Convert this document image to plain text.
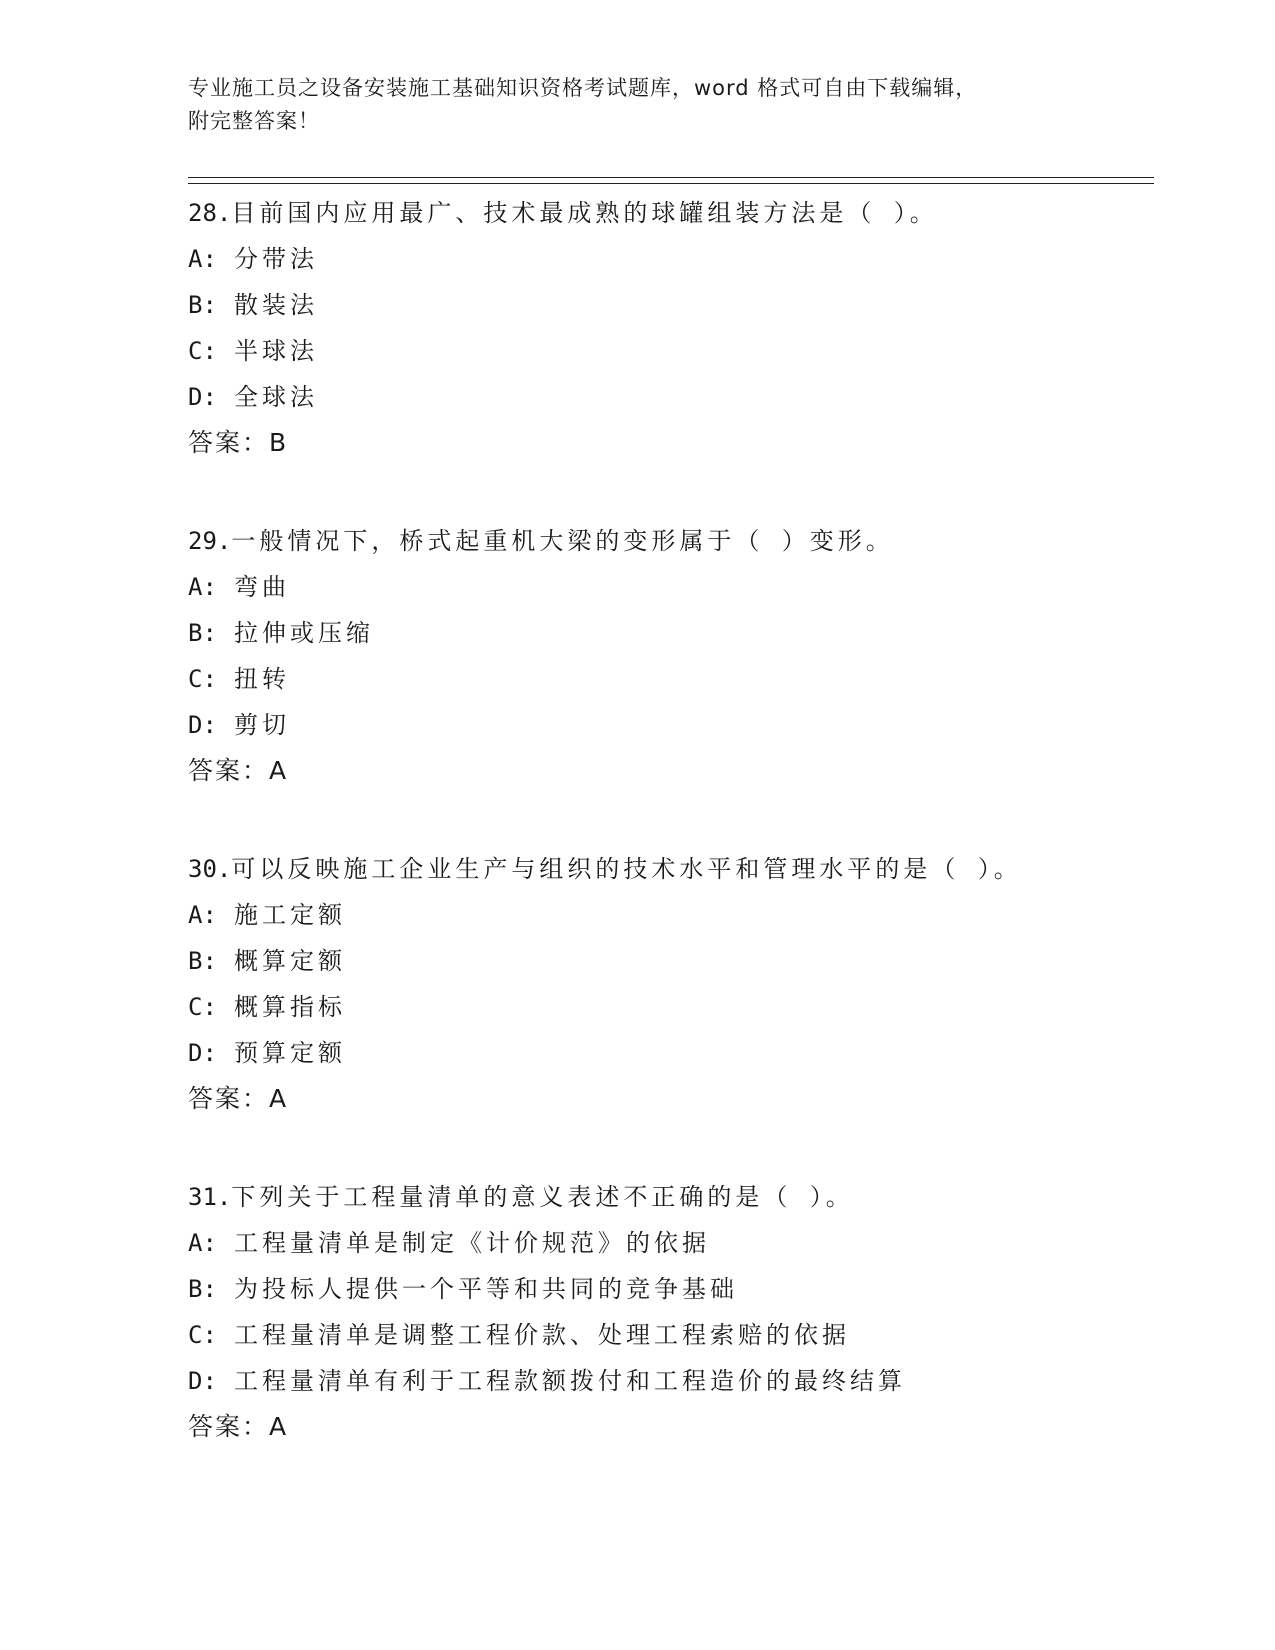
专业施工员之设备安装施工基础知识资格考试题库，word 格式可自由下载编辑，
附完整答案！
28.目前国内应用最广、技术最成熟的球罐组装方法是（ ）。
A: 分带法
B: 散装法
C: 半球法
D: 全球法
答案：B
29.一般情况下，桥式起重机大梁的变形属于（ ）变形。
A: 弯曲
B: 拉伸或压缩
C: 扭转
D: 剪切
答案：A
30.可以反映施工企业生产与组织的技术水平和管理水平的是（ ）。
A: 施工定额
B: 概算定额
C: 概算指标
D: 预算定额
答案：A
31.下列关于工程量清单的意义表述不正确的是（ ）。
A: 工程量清单是制定《计价规范》的依据
B: 为投标人提供一个平等和共同的竞争基础
C: 工程量清单是调整工程价款、处理工程索赔的依据
D: 工程量清单有利于工程款额拨付和工程造价的最终结算
答案：A
